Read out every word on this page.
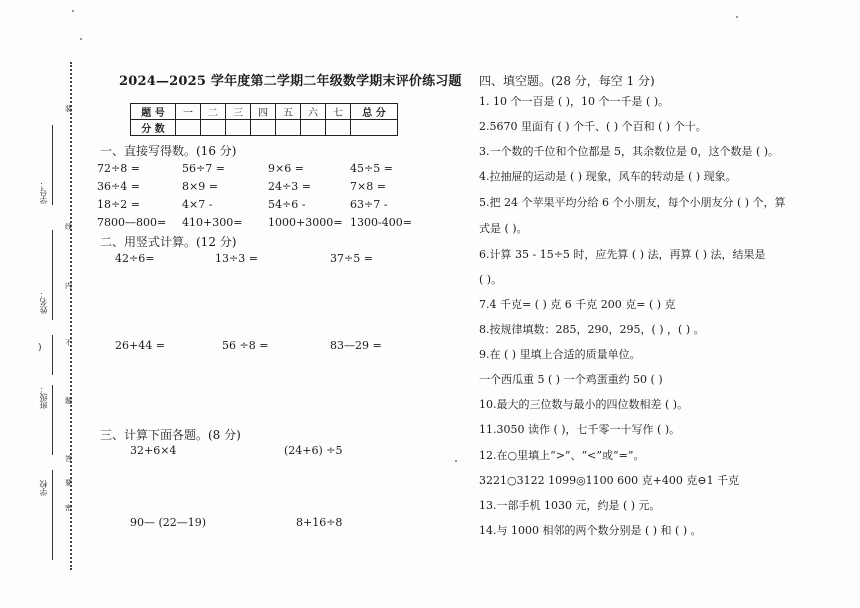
学号：
姓名：
)
班级：
学校
装
线
内
不
题
答
要
密
2024—2025 学年度第二学期二年级数学期末评价练习题
题 号	一	二	三	四	五	六	七	总 分
分 数								
一、直接写得数。(16 分)
72÷8 =	56÷7 =	9×6 =	45÷5 =
36÷4 =	8×9 =	24÷3 =	7×8 =
18÷2 =	4×7 -	54÷6 -	63÷7 -
7800—800= 410+300= 1000+3000= 1300-400=
二、用竖式计算。(12 分)
42÷6=	13÷3 =	37÷5 =
26+44 =	56 ÷8 =	83—29 =
三、计算下面各题。(8 分)
32+6×4	(24+6) ÷5
90— (22—19)	8+16÷8
四、填空题。(28 分，每空 1 分)
1. 10 个一百是 ( )，10 个一千是 ( )。
2.5670 里面有 ( ) 个千、( ) 个百和 ( ) 个十。
3.一个数的千位和个位都是 5，其余数位是 0，这个数是 ( )。
4.拉抽屉的运动是 ( ) 现象，风车的转动是 ( ) 现象。
5.把 24 个苹果平均分给 6 个小朋友，每个小朋友分 ( ) 个，算
式是 ( )。
6.计算 35 - 15÷5 时，应先算 ( ) 法，再算 ( ) 法，结果是
( )。
7.4 千克= ( ) 克 6 千克 200 克= ( ) 克
8.按规律填数：285，290，295，( ) ，( ) 。
9.在 ( ) 里填上合适的质量单位。
一个西瓜重 5 ( ) 一个鸡蛋重约 50 ( )
10.最大的三位数与最小的四位数相差 ( )。
11.3050 读作 ( )，七千零一十写作 ( )。
12.在○里填上“>”、“<”或“=”。
3221○3122 1099◎1100 600 克+400 克⊖1 千克
13.一部手机 1030 元，约是 ( ) 元。
14.与 1000 相邻的两个数分别是 ( ) 和 ( ) 。
